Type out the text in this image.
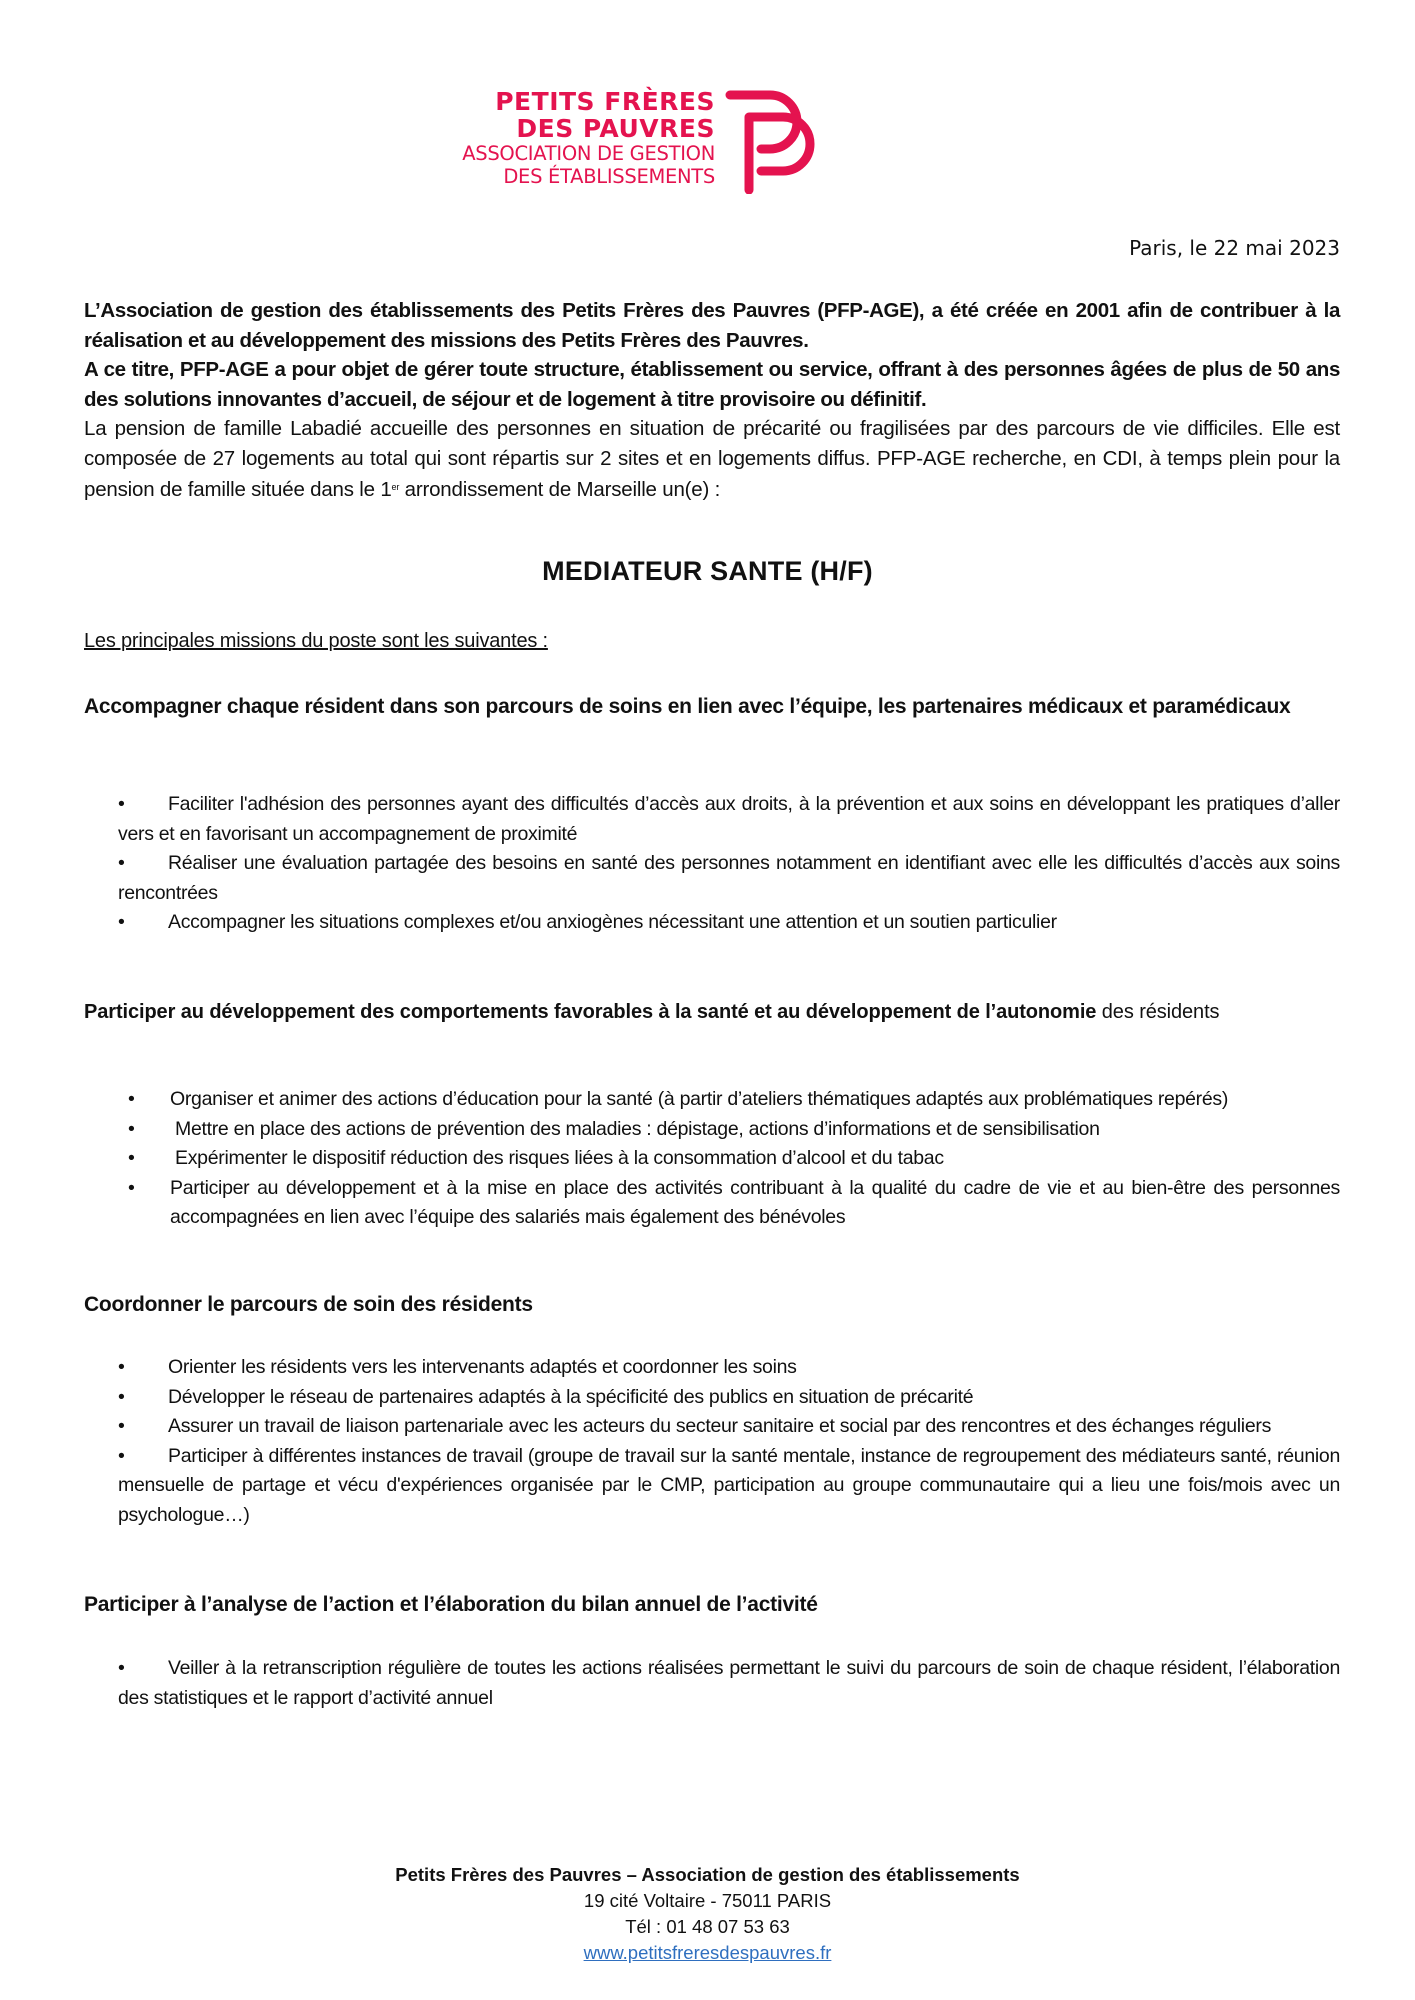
PETITS FRÈRES
DES PAUVRES
ASSOCIATION DE GESTION
DES ÉTABLISSEMENTS
Paris, le 22 mai 2023

L’Association de gestion des établissements des Petits Frères des Pauvres (PFP-AGE), a été créée en 2001 afin de contribuer à la réalisation et au développement des missions des Petits Frères des Pauvres.

A ce titre, PFP-AGE a pour objet de gérer toute structure, établissement ou service, offrant à des personnes âgées de plus de 50 ans des solutions innovantes d’accueil, de séjour et de logement à titre provisoire ou définitif.

La pension de famille Labadié accueille des personnes en situation de précarité ou fragilisées par des parcours de vie difficiles. Elle est composée de 27 logements au total qui sont répartis sur 2 sites et en logements diffus. PFP-AGE recherche, en CDI, à temps plein pour la pension de famille située dans le 1er arrondissement de Marseille un(e) :

MEDIATEUR SANTE (H/F)
Les principales missions du poste sont les suivantes :
Accompagner chaque résident dans son parcours de soins en lien avec l’équipe, les partenaires médicaux et paramédicaux
• Faciliter l'adhésion des personnes ayant des difficultés d’accès aux droits, à la prévention et aux soins en développant les pratiques d’aller vers et en favorisant un accompagnement de proximité
• Réaliser une évaluation partagée des besoins en santé des personnes notamment en identifiant avec elle les difficultés d’accès aux soins rencontrées
• Accompagner les situations complexes et/ou anxiogènes nécessitant une attention et un soutien particulier
Participer au développement des comportements favorables à la santé et au développement de l’autonomie des résidents
• Organiser et animer des actions d’éducation pour la santé (à partir d’ateliers thématiques adaptés aux problématiques repérés)
• Mettre en place des actions de prévention des maladies : dépistage, actions d’informations et de sensibilisation
• Expérimenter le dispositif réduction des risques liées à la consommation d’alcool et du tabac
• Participer au développement et à la mise en place des activités contribuant à la qualité du cadre de vie et au bien-être des personnes accompagnées en lien avec l’équipe des salariés mais également des bénévoles
Coordonner le parcours de soin des résidents
• Orienter les résidents vers les intervenants adaptés et coordonner les soins
• Développer le réseau de partenaires adaptés à la spécificité des publics en situation de précarité
• Assurer un travail de liaison partenariale avec les acteurs du secteur sanitaire et social par des rencontres et des échanges réguliers
• Participer à différentes instances de travail (groupe de travail sur la santé mentale, instance de regroupement des médiateurs santé, réunion mensuelle de partage et vécu d'expériences organisée par le CMP, participation au groupe communautaire qui a lieu une fois/mois avec un psychologue…)
Participer à l’analyse de l’action et l’élaboration du bilan annuel de l’activité
• Veiller à la retranscription régulière de toutes les actions réalisées permettant le suivi du parcours de soin de chaque résident, l’élaboration des statistiques et le rapport d’activité annuel
Petits Frères des Pauvres – Association de gestion des établissements
19 cité Voltaire - 75011 PARIS
Tél : 01 48 07 53 63
www.petitsfreresdespauvres.fr
